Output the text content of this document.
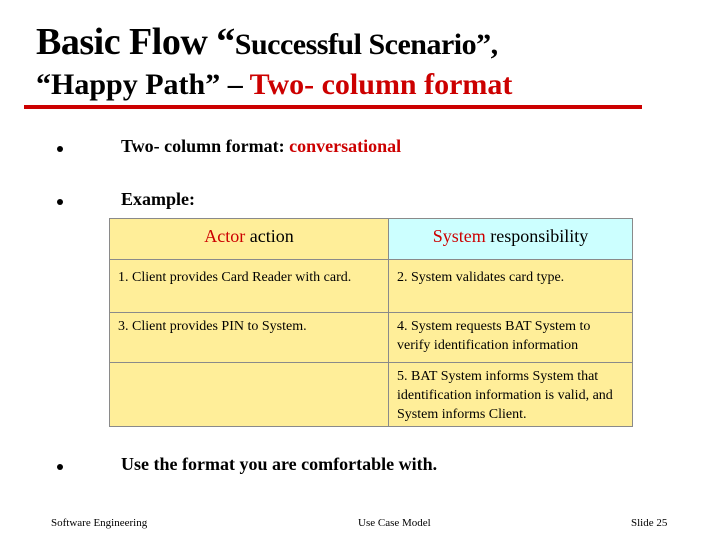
Basic Flow “Successful Scenario”,
“Happy Path” – Two- column format
Two- column format: conversational
Example:
Actor action	System responsibility

1. Client provides Card Reader with card.	2. System validates card type.

3. Client provides PIN to System.	4. System requests BAT System to verify identification information

	5. BAT System informs System that identification information is valid, and System informs Client.
Use the format you are comfortable with.
Software Engineering	Use Case Model	Slide 25
